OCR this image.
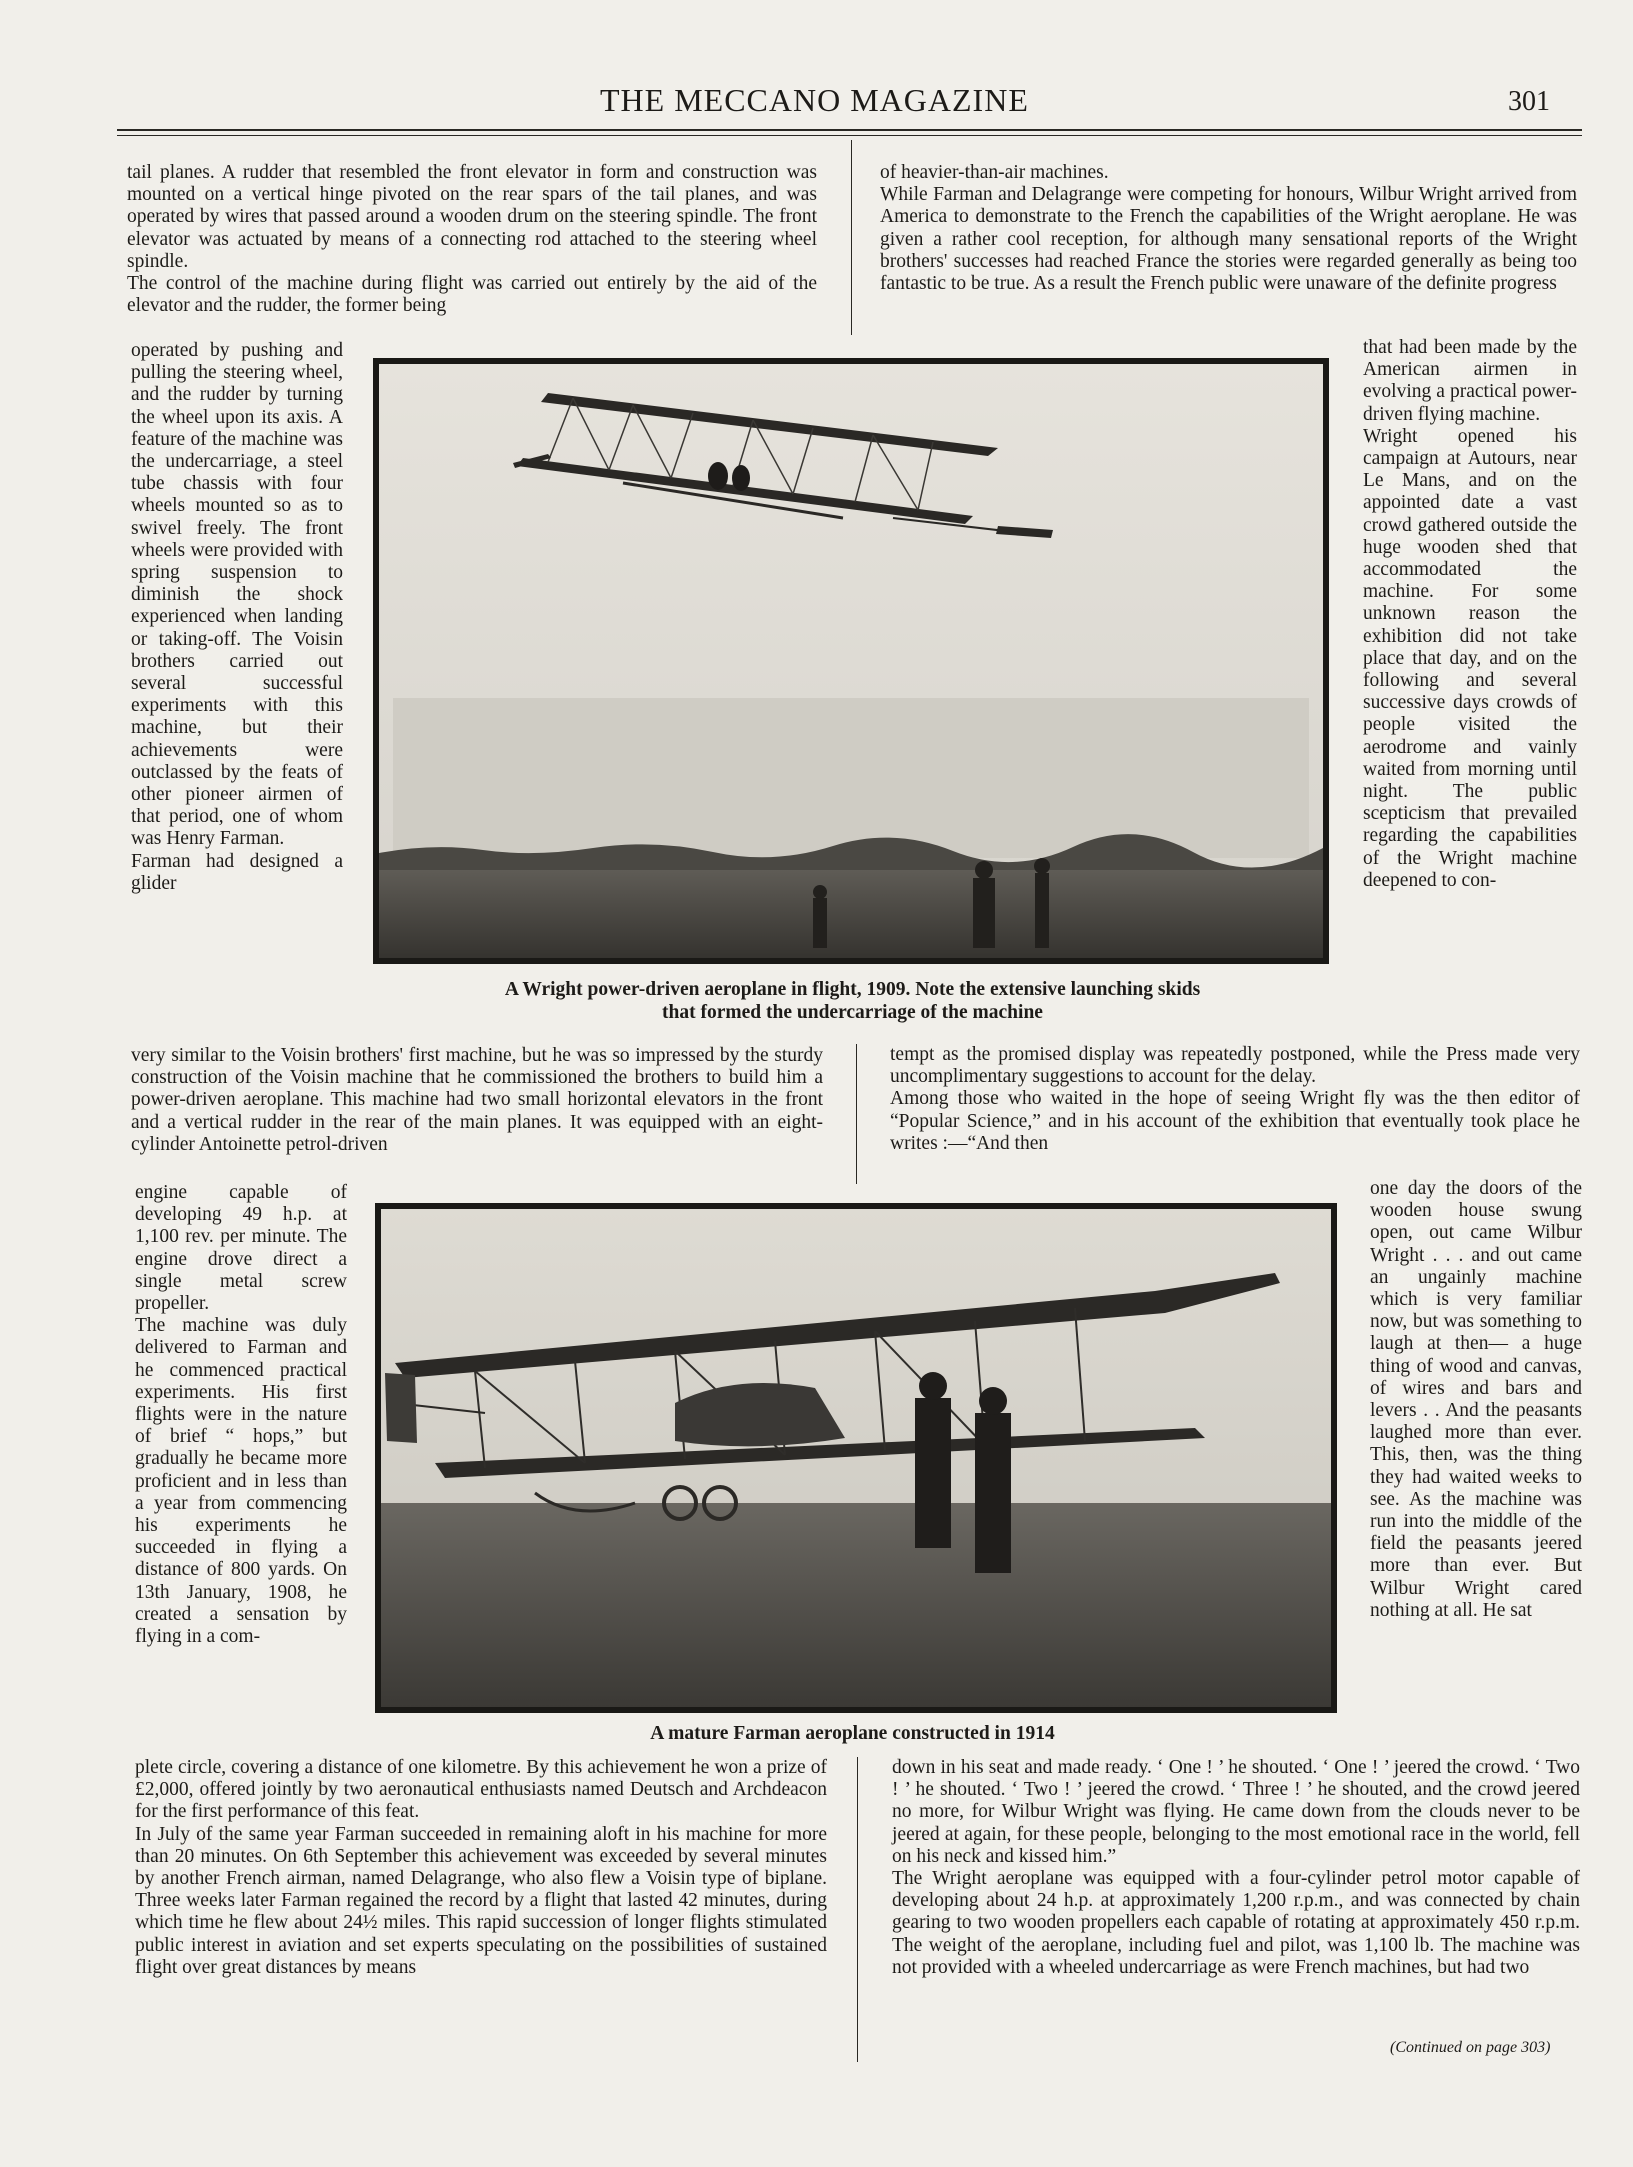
THE MECCANO MAGAZINE	301
tail planes. A rudder that resembled the front elevator in form and construction was mounted on a vertical hinge pivoted on the rear spars of the tail planes, and was operated by wires that passed around a wooden drum on the steering spindle. The front elevator was actuated by means of a connecting rod attached to the steering wheel spindle.
The control of the machine during flight was carried out entirely by the aid of the elevator and the rudder, the former being
operated by pushing and pulling the steering wheel, and the rudder by turning the wheel upon its axis. A feature of the machine was the undercarriage, a steel tube chassis with four wheels mounted so as to swivel freely. The front wheels were provided with spring suspension to diminish the shock experienced when landing or taking-off. The Voisin brothers carried out several successful experiments with this machine, but their achievements were outclassed by the feats of other pioneer airmen of that period, one of whom was Henry Farman.
Farman had designed a glider
very similar to the Voisin brothers' first machine, but he was so impressed by the sturdy construction of the Voisin machine that he commissioned the brothers to build him a power-driven aeroplane. This machine had two small horizontal elevators in the front and a vertical rudder in the rear of the main planes. It was equipped with an eight-cylinder Antoinette petrol-driven
engine capable of developing 49 h.p. at 1,100 rev. per minute. The engine drove direct a single metal screw propeller.
The machine was duly delivered to Farman and he commenced practical experiments. His first flights were in the nature of brief “ hops,” but gradually he became more proficient and in less than a year from commencing his experiments he succeeded in flying a distance of 800 yards. On 13th January, 1908, he created a sensation by flying in a com-
plete circle, covering a distance of one kilometre. By this achievement he won a prize of £2,000, offered jointly by two aeronautical enthusiasts named Deutsch and Archdeacon for the first performance of this feat.
In July of the same year Farman succeeded in remaining aloft in his machine for more than 20 minutes. On 6th September this achievement was exceeded by several minutes by another French airman, named Delagrange, who also flew a Voisin type of biplane. Three weeks later Farman regained the record by a flight that lasted 42 minutes, during which time he flew about 24½ miles. This rapid succession of longer flights stimulated public interest in aviation and set experts speculating on the possibilities of sustained flight over great distances by means
of heavier-than-air machines.
While Farman and Delagrange were competing for honours, Wilbur Wright arrived from America to demonstrate to the French the capabilities of the Wright aeroplane. He was given a rather cool reception, for although many sensational reports of the Wright brothers' successes had reached France the stories were regarded generally as being too fantastic to be true. As a result the French public were unaware of the definite progress
that had been made by the American airmen in evolving a practical power-driven flying machine.
Wright opened his campaign at Autours, near Le Mans, and on the appointed date a vast crowd gathered outside the huge wooden shed that accommodated the machine. For some unknown reason the exhibition did not take place that day, and on the following and several successive days crowds of people visited the aerodrome and vainly waited from morning until night. The public scepticism that prevailed regarding the capabilities of the Wright machine deepened to con-
tempt as the promised display was repeatedly postponed, while the Press made very uncomplimentary suggestions to account for the delay.
Among those who waited in the hope of seeing Wright fly was the then editor of “Popular Science,” and in his account of the exhibition that eventually took place he writes :—“And then
one day the doors of the wooden house swung open, out came Wilbur Wright . . . and out came an ungainly machine which is very familiar now, but was something to laugh at then— a huge thing of wood and canvas, of wires and bars and levers . . And the peasants laughed more than ever. This, then, was the thing they had waited weeks to see. As the machine was run into the middle of the field the peasants jeered more than ever. But Wilbur Wright cared nothing at all. He sat
down in his seat and made ready. ‘ One ! ’ he shouted. ‘ One ! ’ jeered the crowd. ‘ Two ! ’ he shouted. ‘ Two ! ’ jeered the crowd. ‘ Three ! ’ he shouted, and the crowd jeered no more, for Wilbur Wright was flying. He came down from the clouds never to be jeered at again, for these people, belonging to the most emotional race in the world, fell on his neck and kissed him.”
The Wright aeroplane was equipped with a four-cylinder petrol motor capable of developing about 24 h.p. at approximately 1,200 r.p.m., and was connected by chain gearing to two wooden propellers each capable of rotating at approximately 450 r.p.m. The weight of the aeroplane, including fuel and pilot, was 1,100 lb. The machine was not provided with a wheeled undercarriage as were French machines, but had two
A Wright power-driven aeroplane in flight, 1909. Note the extensive launching skids
that formed the undercarriage of the machine
A mature Farman aeroplane constructed in 1914
(Continued on page 303)
